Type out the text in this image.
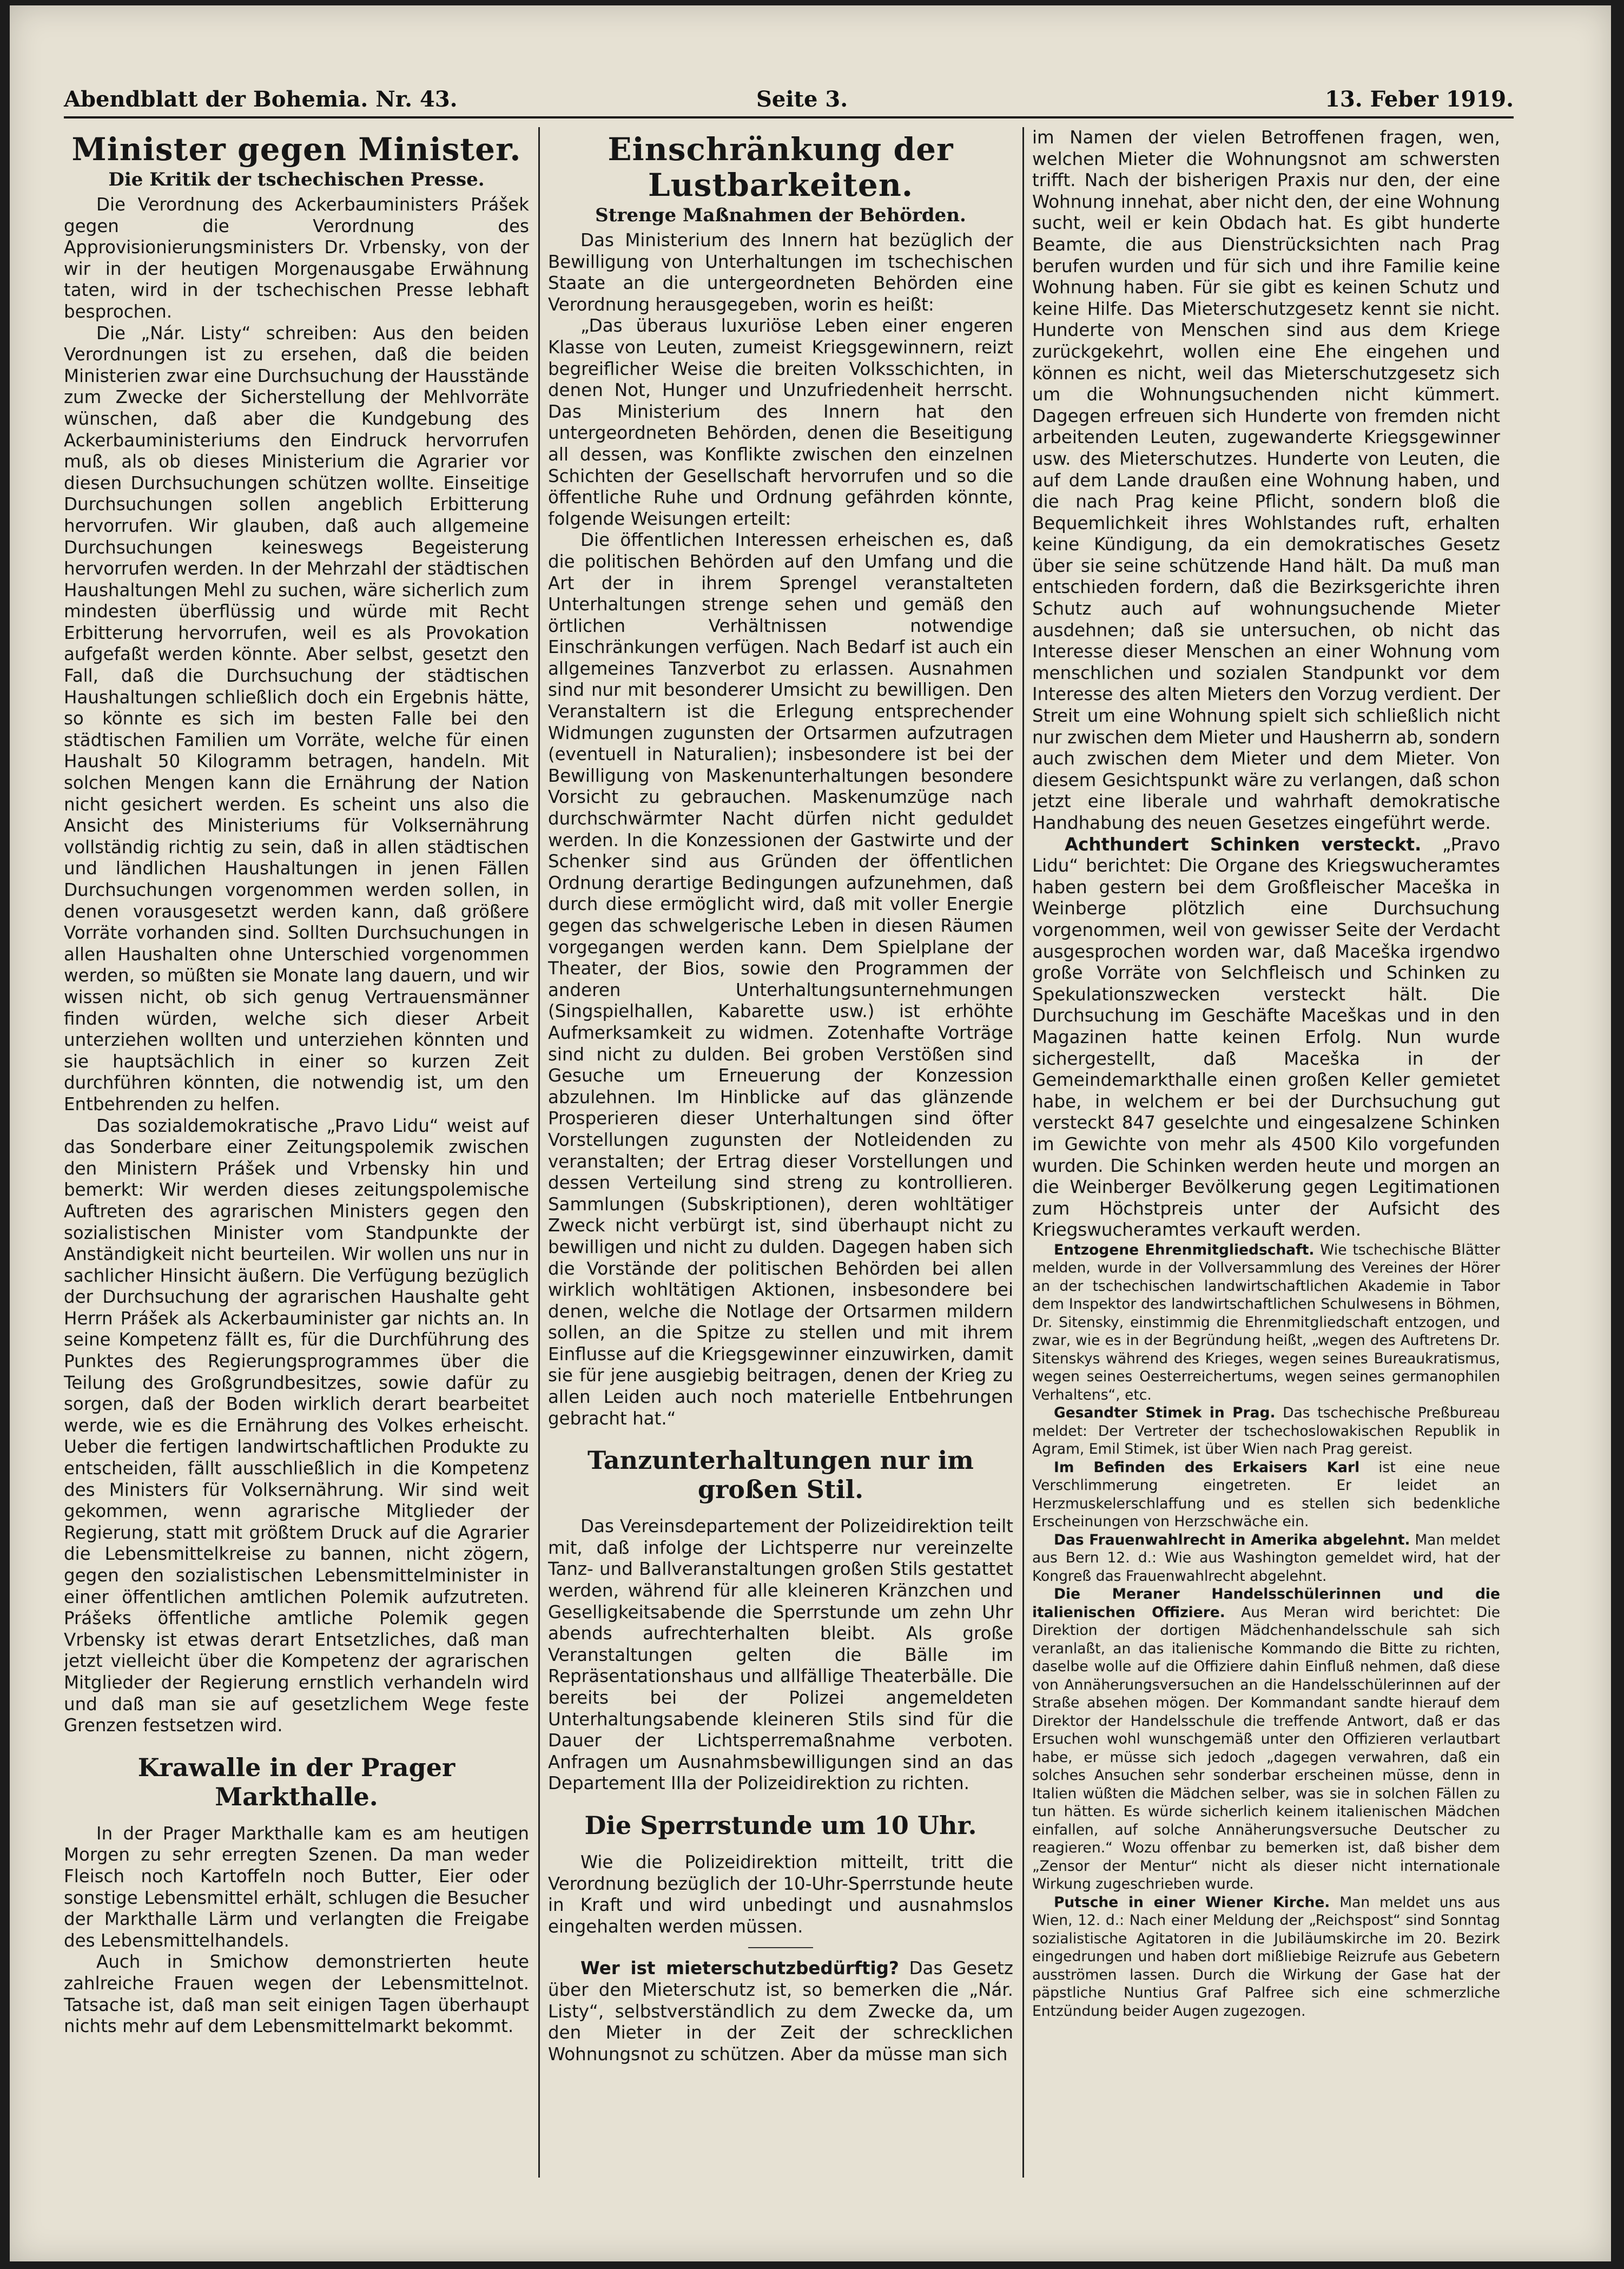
Abendblatt der Bohemia. Nr. 43.	Seite 3.	13. Feber 1919.
Minister gegen Minister.
Die Kritik der tschechischen Presse.

Die Verordnung des Ackerbauministers Prášek gegen die Verordnung des Approvisionierungsministers Dr. Vrbensky, von der wir in der heutigen Morgenausgabe Erwähnung taten, wird in der tschechischen Presse lebhaft besprochen.

Die „Nár. Listy“ schreiben: Aus den beiden Verordnungen ist zu ersehen, daß die beiden Ministerien zwar eine Durchsuchung der Hausstände zum Zwecke der Sicherstellung der Mehlvorräte wünschen, daß aber die Kundgebung des Ackerbauministeriums den Eindruck hervorrufen muß, als ob dieses Ministerium die Agrarier vor diesen Durchsuchungen schützen wollte. Einseitige Durchsuchungen sollen angeblich Erbitterung hervorrufen. Wir glauben, daß auch allgemeine Durchsuchungen keineswegs Begeisterung hervorrufen werden. In der Mehrzahl der städtischen Haushaltungen Mehl zu suchen, wäre sicherlich zum mindesten überflüssig und würde mit Recht Erbitterung hervorrufen, weil es als Provokation aufgefaßt werden könnte. Aber selbst, gesetzt den Fall, daß die Durchsuchung der städtischen Haushaltungen schließlich doch ein Ergebnis hätte, so könnte es sich im besten Falle bei den städtischen Familien um Vorräte, welche für einen Haushalt 50 Kilogramm betragen, handeln. Mit solchen Mengen kann die Ernährung der Nation nicht gesichert werden. Es scheint uns also die Ansicht des Ministeriums für Volksernährung vollständig richtig zu sein, daß in allen städtischen und ländlichen Haushaltungen in jenen Fällen Durchsuchungen vorgenommen werden sollen, in denen vorausgesetzt werden kann, daß größere Vorräte vorhanden sind. Sollten Durchsuchungen in allen Haushalten ohne Unterschied vorgenommen werden, so müßten sie Monate lang dauern, und wir wissen nicht, ob sich genug Vertrauensmänner finden würden, welche sich dieser Arbeit unterziehen wollten und unterziehen könnten und sie hauptsächlich in einer so kurzen Zeit durchführen könnten, die notwendig ist, um den Entbehrenden zu helfen.

Das sozialdemokratische „Pravo Lidu“ weist auf das Sonderbare einer Zeitungspolemik zwischen den Ministern Prášek und Vrbensky hin und bemerkt: Wir werden dieses zeitungspolemische Auftreten des agrarischen Ministers gegen den sozialistischen Minister vom Standpunkte der Anständigkeit nicht beurteilen. Wir wollen uns nur in sachlicher Hinsicht äußern. Die Verfügung bezüglich der Durchsuchung der agrarischen Haushalte geht Herrn Prášek als Ackerbauminister gar nichts an. In seine Kompetenz fällt es, für die Durchführung des Punktes des Regierungsprogrammes über die Teilung des Großgrundbesitzes, sowie dafür zu sorgen, daß der Boden wirklich derart bearbeitet werde, wie es die Ernährung des Volkes erheischt. Ueber die fertigen landwirtschaftlichen Produkte zu entscheiden, fällt ausschließlich in die Kompetenz des Ministers für Volksernährung. Wir sind weit gekommen, wenn agrarische Mitglieder der Regierung, statt mit größtem Druck auf die Agrarier die Lebensmittelkreise zu bannen, nicht zögern, gegen den sozialistischen Lebensmittelminister in einer öffentlichen amtlichen Polemik aufzutreten. Prášeks öffentliche amtliche Polemik gegen Vrbensky ist etwas derart Entsetzliches, daß man jetzt vielleicht über die Kompetenz der agrarischen Mitglieder der Regierung ernstlich verhandeln wird und daß man sie auf gesetzlichem Wege feste Grenzen festsetzen wird.

Krawalle in der Prager Markthalle.

In der Prager Markthalle kam es am heutigen Morgen zu sehr erregten Szenen. Da man weder Fleisch noch Kartoffeln noch Butter, Eier oder sonstige Lebensmittel erhält, schlugen die Besucher der Markthalle Lärm und verlangten die Freigabe des Lebensmittelhandels.

Auch in Smichow demonstrierten heute zahlreiche Frauen wegen der Lebensmittelnot. Tatsache ist, daß man seit einigen Tagen überhaupt nichts mehr auf dem Lebensmittelmarkt bekommt.

Einschränkung der Lustbarkeiten.
Strenge Maßnahmen der Behörden.

Das Ministerium des Innern hat bezüglich der Bewilligung von Unterhaltungen im tschechischen Staate an die untergeordneten Behörden eine Verordnung herausgegeben, worin es heißt:

„Das überaus luxuriöse Leben einer engeren Klasse von Leuten, zumeist Kriegsgewinnern, reizt begreiflicher Weise die breiten Volksschichten, in denen Not, Hunger und Unzufriedenheit herrscht. Das Ministerium des Innern hat den untergeordneten Behörden, denen die Beseitigung all dessen, was Konflikte zwischen den einzelnen Schichten der Gesellschaft hervorrufen und so die öffentliche Ruhe und Ordnung gefährden könnte, folgende Weisungen erteilt:

Die öffentlichen Interessen erheischen es, daß die politischen Behörden auf den Umfang und die Art der in ihrem Sprengel veranstalteten Unterhaltungen strenge sehen und gemäß den örtlichen Verhältnissen notwendige Einschränkungen verfügen. Nach Bedarf ist auch ein allgemeines Tanzverbot zu erlassen. Ausnahmen sind nur mit besonderer Umsicht zu bewilligen. Den Veranstaltern ist die Erlegung entsprechender Widmungen zugunsten der Ortsarmen aufzutragen (eventuell in Naturalien); insbesondere ist bei der Bewilligung von Maskenunterhaltungen besondere Vorsicht zu gebrauchen. Maskenumzüge nach durchschwärmter Nacht dürfen nicht geduldet werden. In die Konzessionen der Gastwirte und der Schenker sind aus Gründen der öffentlichen Ordnung derartige Bedingungen aufzunehmen, daß durch diese ermöglicht wird, daß mit voller Energie gegen das schwelgerische Leben in diesen Räumen vorgegangen werden kann. Dem Spielplane der Theater, der Bios, sowie den Programmen der anderen Unterhaltungsunternehmungen (Singspielhallen, Kabarette usw.) ist erhöhte Aufmerksamkeit zu widmen. Zotenhafte Vorträge sind nicht zu dulden. Bei groben Verstößen sind Gesuche um Erneuerung der Konzession abzulehnen. Im Hinblicke auf das glänzende Prosperieren dieser Unterhaltungen sind öfter Vorstellungen zugunsten der Notleidenden zu veranstalten; der Ertrag dieser Vorstellungen und dessen Verteilung sind streng zu kontrollieren. Sammlungen (Subskriptionen), deren wohltätiger Zweck nicht verbürgt ist, sind überhaupt nicht zu bewilligen und nicht zu dulden. Dagegen haben sich die Vorstände der politischen Behörden bei allen wirklich wohltätigen Aktionen, insbesondere bei denen, welche die Notlage der Ortsarmen mildern sollen, an die Spitze zu stellen und mit ihrem Einflusse auf die Kriegsgewinner einzuwirken, damit sie für jene ausgiebig beitragen, denen der Krieg zu allen Leiden auch noch materielle Entbehrungen gebracht hat.“

Tanzunterhaltungen nur im großen Stil.

Das Vereinsdepartement der Polizeidirektion teilt mit, daß infolge der Lichtsperre nur vereinzelte Tanz- und Ballveranstaltungen großen Stils gestattet werden, während für alle kleineren Kränzchen und Geselligkeitsabende die Sperrstunde um zehn Uhr abends aufrechterhalten bleibt. Als große Veranstaltungen gelten die Bälle im Repräsentationshaus und allfällige Theaterbälle. Die bereits bei der Polizei angemeldeten Unterhaltungsabende kleineren Stils sind für die Dauer der Lichtsperremaßnahme verboten. Anfragen um Ausnahmsbewilligungen sind an das Departement IIIa der Polizeidirektion zu richten.

Die Sperrstunde um 10 Uhr.

Wie die Polizeidirektion mitteilt, tritt die Verordnung bezüglich der 10-Uhr-Sperrstunde heute in Kraft und wird unbedingt und ausnahmslos eingehalten werden müssen.

Wer ist mieterschutzbedürftig? Das Gesetz über den Mieterschutz ist, so bemerken die „Nár. Listy“, selbstverständlich zu dem Zwecke da, um den Mieter in der Zeit der schrecklichen Wohnungsnot zu schützen. Aber da müsse man sich

im Namen der vielen Betroffenen fragen, wen, welchen Mieter die Wohnungsnot am schwersten trifft. Nach der bisherigen Praxis nur den, der eine Wohnung innehat, aber nicht den, der eine Wohnung sucht, weil er kein Obdach hat. Es gibt hunderte Beamte, die aus Dienstrücksichten nach Prag berufen wurden und für sich und ihre Familie keine Wohnung haben. Für sie gibt es keinen Schutz und keine Hilfe. Das Mieterschutzgesetz kennt sie nicht. Hunderte von Menschen sind aus dem Kriege zurückgekehrt, wollen eine Ehe eingehen und können es nicht, weil das Mieterschutzgesetz sich um die Wohnungsuchenden nicht kümmert. Dagegen erfreuen sich Hunderte von fremden nicht arbeitenden Leuten, zugewanderte Kriegsgewinner usw. des Mieterschutzes. Hunderte von Leuten, die auf dem Lande draußen eine Wohnung haben, und die nach Prag keine Pflicht, sondern bloß die Bequemlichkeit ihres Wohlstandes ruft, erhalten keine Kündigung, da ein demokratisches Gesetz über sie seine schützende Hand hält. Da muß man entschieden fordern, daß die Bezirksgerichte ihren Schutz auch auf wohnungsuchende Mieter ausdehnen; daß sie untersuchen, ob nicht das Interesse dieser Menschen an einer Wohnung vom menschlichen und sozialen Standpunkt vor dem Interesse des alten Mieters den Vorzug verdient. Der Streit um eine Wohnung spielt sich schließlich nicht nur zwischen dem Mieter und Hausherrn ab, sondern auch zwischen dem Mieter und dem Mieter. Von diesem Gesichtspunkt wäre zu verlangen, daß schon jetzt eine liberale und wahrhaft demokratische Handhabung des neuen Gesetzes eingeführt werde.

Achthundert Schinken versteckt. „Pravo Lidu“ berichtet: Die Organe des Kriegswucheramtes haben gestern bei dem Großfleischer Maceška in Weinberge plötzlich eine Durchsuchung vorgenommen, weil von gewisser Seite der Verdacht ausgesprochen worden war, daß Maceška irgendwo große Vorräte von Selchfleisch und Schinken zu Spekulationszwecken versteckt hält. Die Durchsuchung im Geschäfte Maceškas und in den Magazinen hatte keinen Erfolg. Nun wurde sichergestellt, daß Maceška in der Gemeindemarkthalle einen großen Keller gemietet habe, in welchem er bei der Durchsuchung gut versteckt 847 geselchte und eingesalzene Schinken im Gewichte von mehr als 4500 Kilo vorgefunden wurden. Die Schinken werden heute und morgen an die Weinberger Bevölkerung gegen Legitimationen zum Höchstpreis unter der Aufsicht des Kriegswucheramtes verkauft werden.

Entzogene Ehrenmitgliedschaft. Wie tschechische Blätter melden, wurde in der Vollversammlung des Vereines der Hörer an der tschechischen landwirtschaftlichen Akademie in Tabor dem Inspektor des landwirtschaftlichen Schulwesens in Böhmen, Dr. Sitensky, einstimmig die Ehrenmitgliedschaft entzogen, und zwar, wie es in der Begründung heißt, „wegen des Auftretens Dr. Sitenskys während des Krieges, wegen seines Bureaukratismus, wegen seines Oesterreichertums, wegen seines germanophilen Verhaltens“, etc.

Gesandter Stimek in Prag. Das tschechische Preßbureau meldet: Der Vertreter der tschechoslowakischen Republik in Agram, Emil Stimek, ist über Wien nach Prag gereist.

Im Befinden des Erkaisers Karl ist eine neue Verschlimmerung eingetreten. Er leidet an Herzmuskelerschlaffung und es stellen sich bedenkliche Erscheinungen von Herzschwäche ein.

Das Frauenwahlrecht in Amerika abgelehnt. Man meldet aus Bern 12. d.: Wie aus Washington gemeldet wird, hat der Kongreß das Frauenwahlrecht abgelehnt.

Die Meraner Handelsschülerinnen und die italienischen Offiziere. Aus Meran wird berichtet: Die Direktion der dortigen Mädchenhandelsschule sah sich veranlaßt, an das italienische Kommando die Bitte zu richten, daselbe wolle auf die Offiziere dahin Einfluß nehmen, daß diese von Annäherungsversuchen an die Handelsschülerinnen auf der Straße absehen mögen. Der Kommandant sandte hierauf dem Direktor der Handelsschule die treffende Antwort, daß er das Ersuchen wohl wunschgemäß unter den Offizieren verlautbart habe, er müsse sich jedoch „dagegen verwahren, daß ein solches Ansuchen sehr sonderbar erscheinen müsse, denn in Italien wüßten die Mädchen selber, was sie in solchen Fällen zu tun hätten. Es würde sicherlich keinem italienischen Mädchen einfallen, auf solche Annäherungsversuche Deutscher zu reagieren.“ Wozu offenbar zu bemerken ist, daß bisher dem „Zensor der Mentur“ nicht als dieser nicht internationale Wirkung zugeschrieben wurde.

Putsche in einer Wiener Kirche. Man meldet uns aus Wien, 12. d.: Nach einer Meldung der „Reichspost“ sind Sonntag sozialistische Agitatoren in die Jubiläumskirche im 20. Bezirk eingedrungen und haben dort mißliebige Reizrufe aus Gebetern ausströmen lassen. Durch die Wirkung der Gase hat der päpstliche Nuntius Graf Palfree sich eine schmerzliche Entzündung beider Augen zugezogen.
